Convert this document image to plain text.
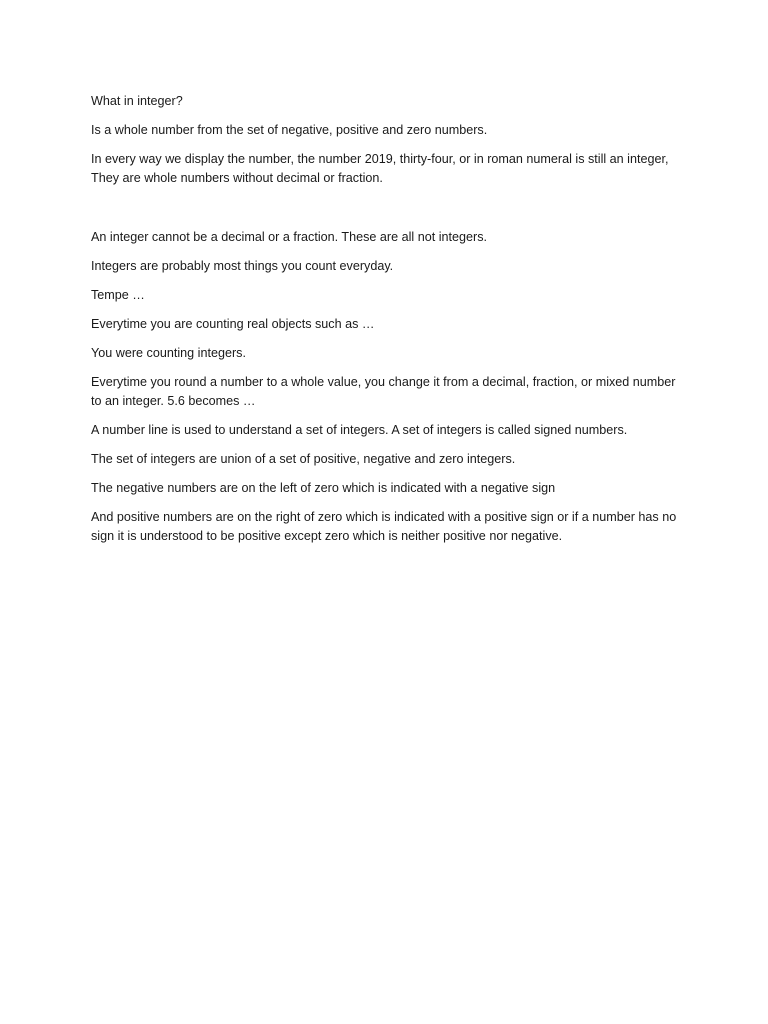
What in integer?

Is a whole number from the set of negative, positive and zero numbers.

In every way we display the number, the number 2019, thirty-four, or in roman numeral is still an integer, They are whole numbers without decimal or fraction.

An integer cannot be a decimal or a fraction. These are all not integers.

Integers are probably most things you count everyday.

Tempe …

Everytime you are counting real objects such as …

You were counting integers.

Everytime you round a number to a whole value, you change it from a decimal, fraction, or mixed number to an integer. 5.6 becomes …

A number line is used to understand a set of integers. A set of integers is called signed numbers.

The set of integers are union of a set of positive, negative and zero integers.

The negative numbers are on the left of zero which is indicated with a negative sign

And positive numbers are on the right of zero which is indicated with a positive sign or if a number has no sign it is understood to be positive except zero which is neither positive nor negative.
